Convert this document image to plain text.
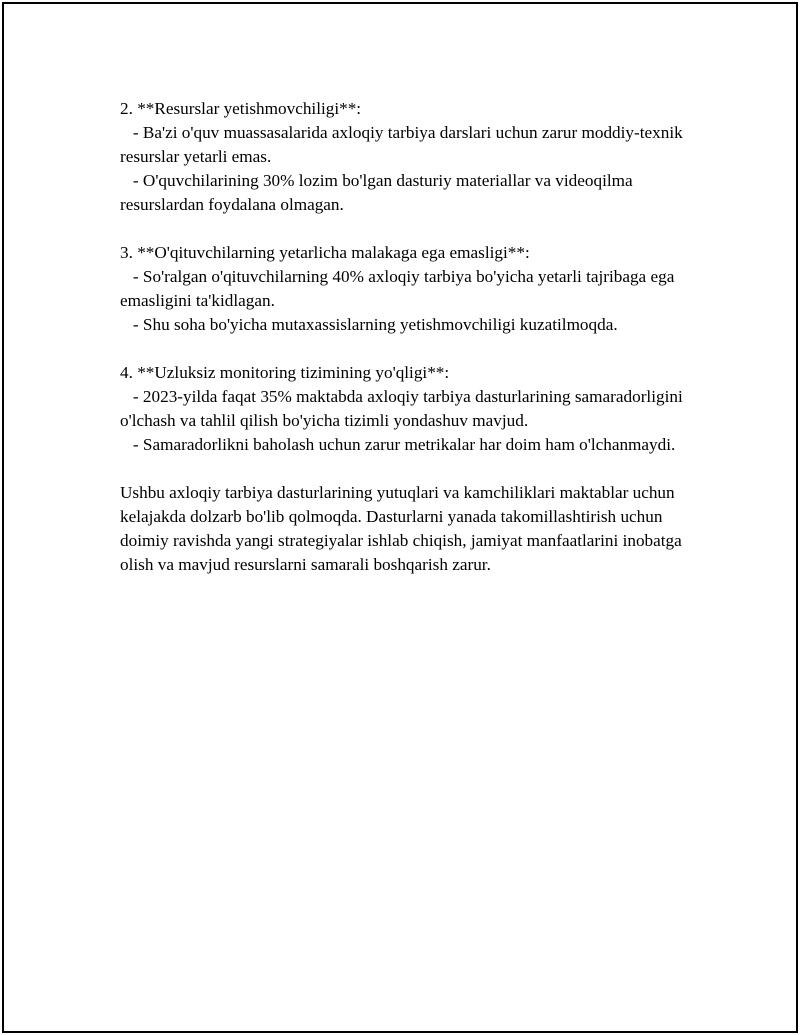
2. **Resurslar yetishmovchiligi**:

- Ba'zi o'quv muassasalarida axloqiy tarbiya darslari uchun zarur moddiy-texnik resurslar yetarli emas.

- O'quvchilarining 30% lozim bo'lgan dasturiy materiallar va videoqilma resurslardan foydalana olmagan.

3. **O'qituvchilarning yetarlicha malakaga ega emasligi**:

- So'ralgan o'qituvchilarning 40% axloqiy tarbiya bo'yicha yetarli tajribaga ega emasligini ta'kidlagan.

- Shu soha bo'yicha mutaxassislarning yetishmovchiligi kuzatilmoqda.

4. **Uzluksiz monitoring tizimining yo'qligi**:

- 2023-yilda faqat 35% maktabda axloqiy tarbiya dasturlarining samaradorligini o'lchash va tahlil qilish bo'yicha tizimli yondashuv mavjud.

- Samaradorlikni baholash uchun zarur metrikalar har doim ham o'lchanmaydi.

Ushbu axloqiy tarbiya dasturlarining yutuqlari va kamchiliklari maktablar uchun kelajakda dolzarb bo'lib qolmoqda. Dasturlarni yanada takomillashtirish uchun doimiy ravishda yangi strategiyalar ishlab chiqish, jamiyat manfaatlarini inobatga olish va mavjud resurslarni samarali boshqarish zarur.
